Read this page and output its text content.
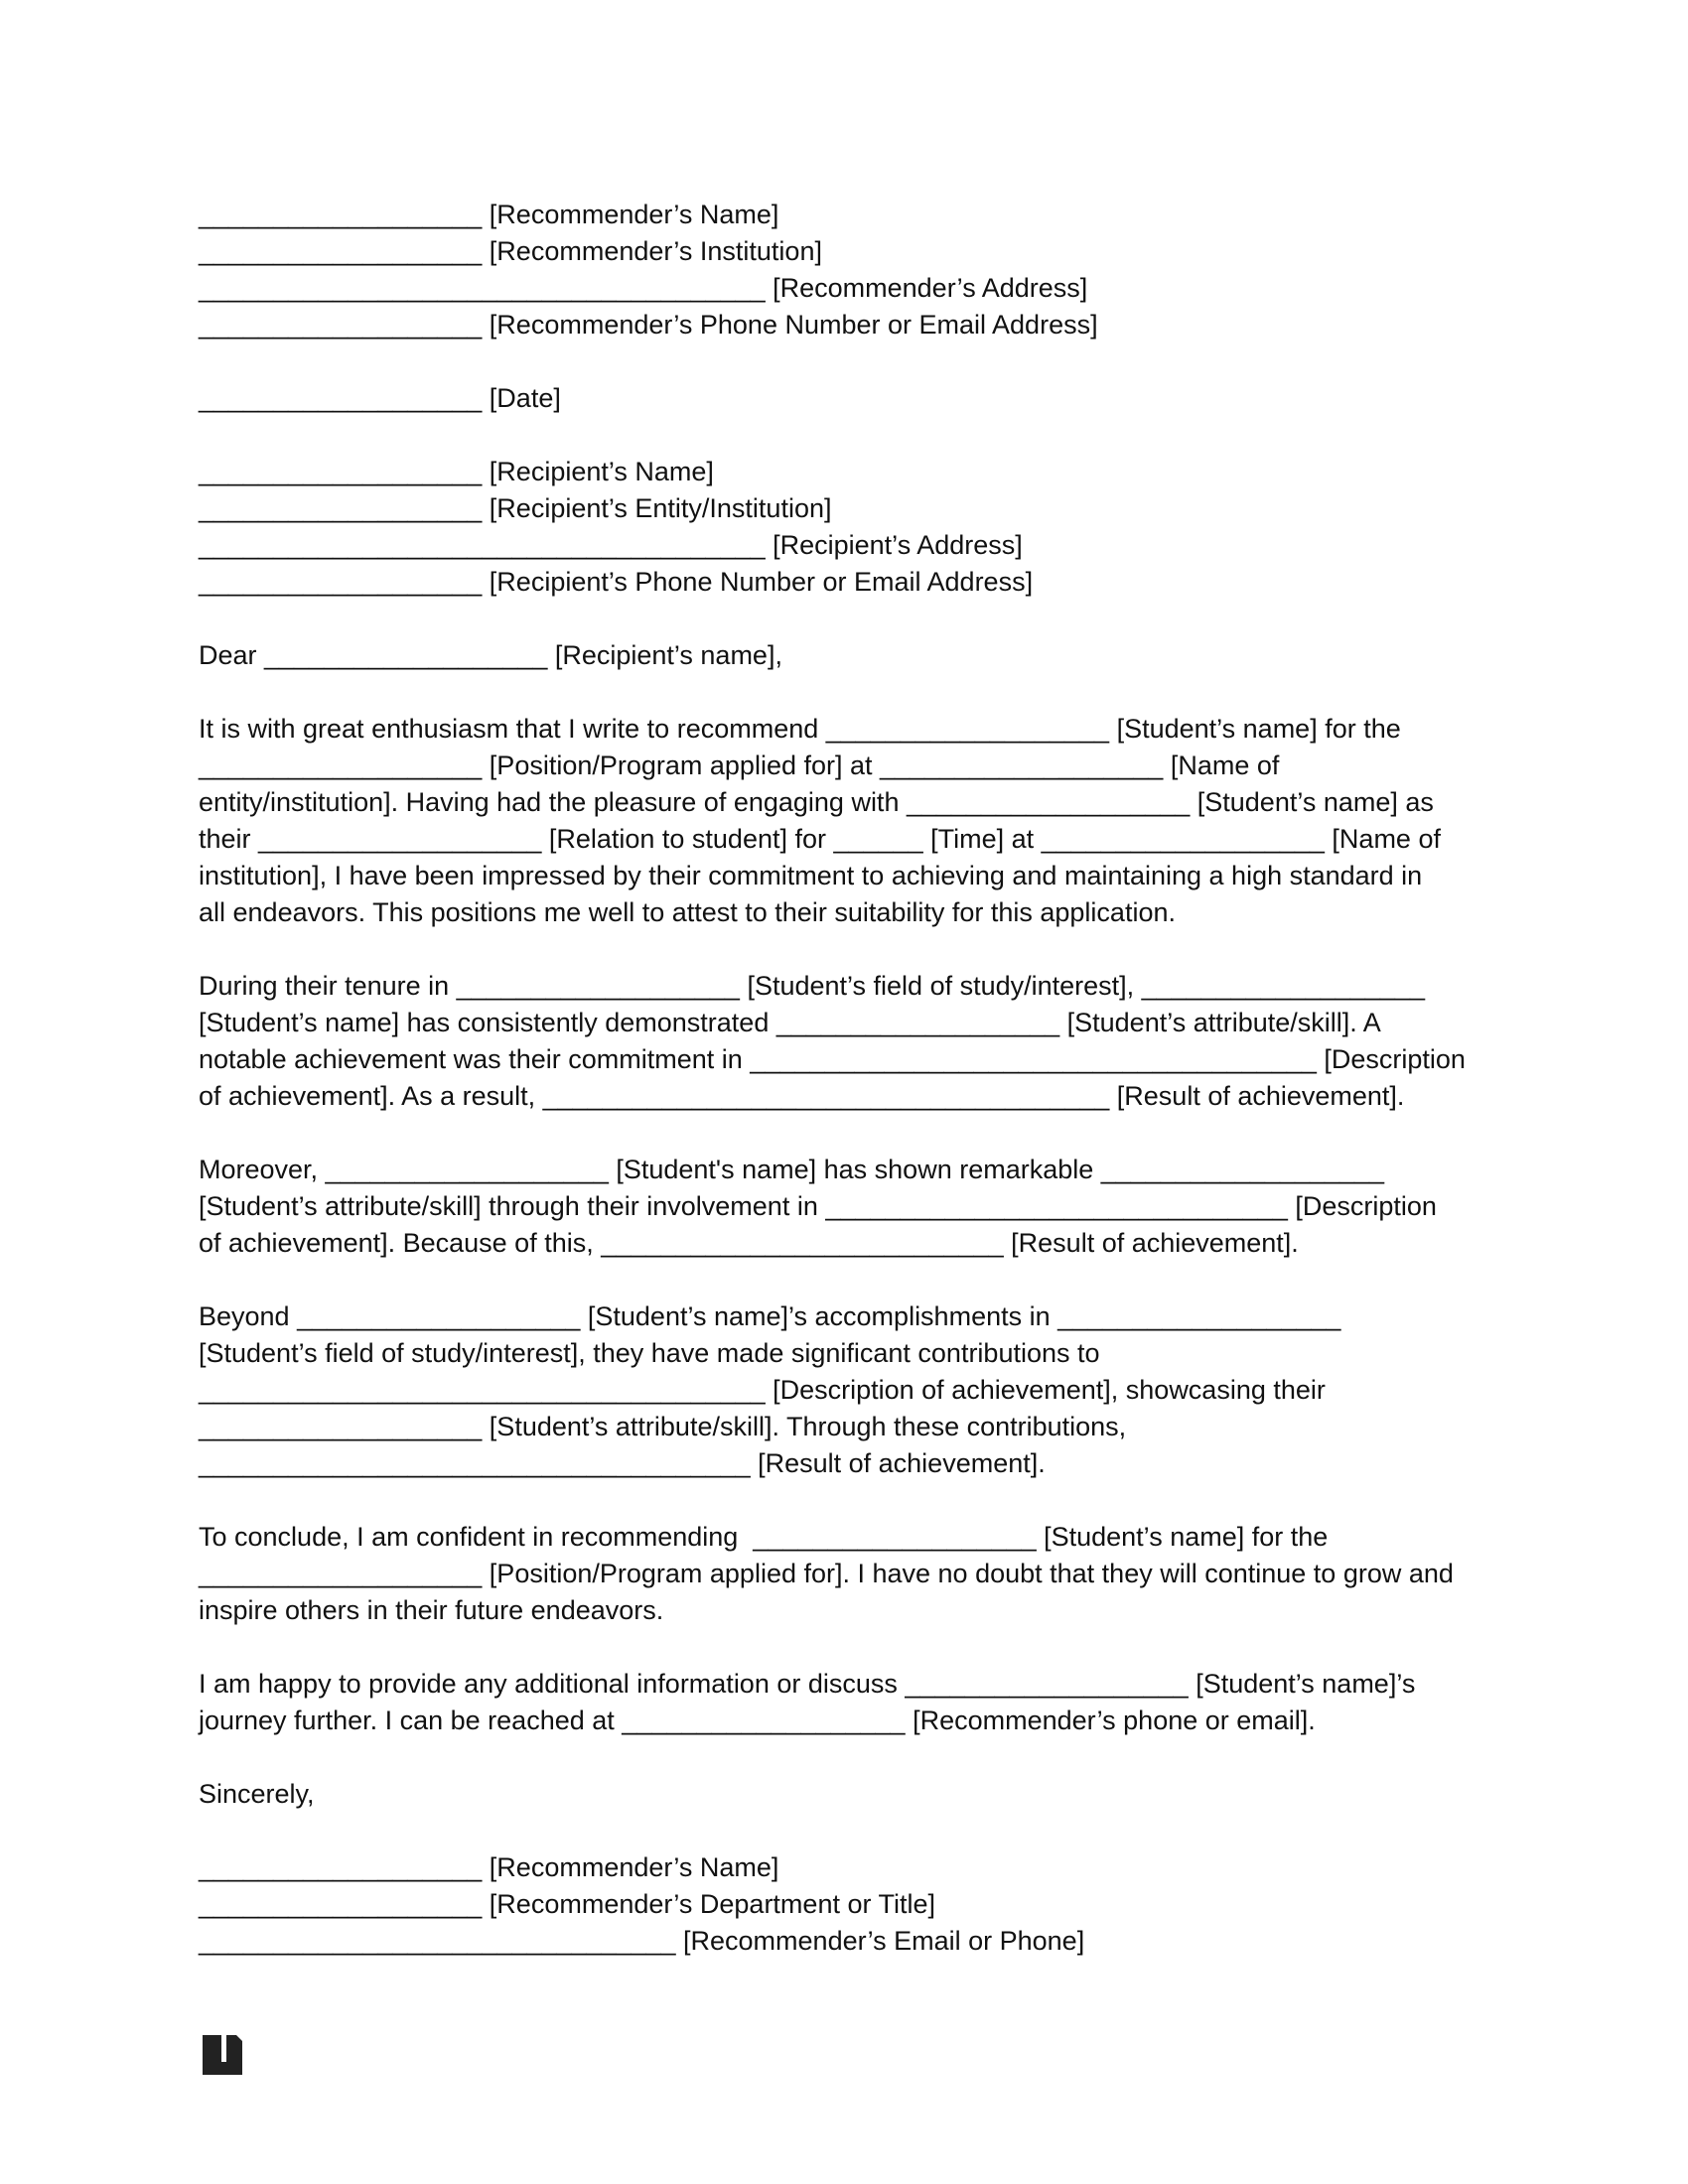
___________________ [Recommender’s Name]
___________________ [Recommender’s Institution]
______________________________________ [Recommender’s Address]
___________________ [Recommender’s Phone Number or Email Address]
___________________ [Date]
___________________ [Recipient’s Name]
___________________ [Recipient’s Entity/Institution]
______________________________________ [Recipient’s Address]
___________________ [Recipient’s Phone Number or Email Address]
Dear ___________________ [Recipient’s name],
It is with great enthusiasm that I write to recommend ___________________ [Student’s name] for the
___________________ [Position/Program applied for] at ___________________ [Name of
entity/institution]. Having had the pleasure of engaging with ___________________ [Student’s name] as
their ___________________ [Relation to student] for ______ [Time] at ___________________ [Name of
institution], I have been impressed by their commitment to achieving and maintaining a high standard in
all endeavors. This positions me well to attest to their suitability for this application.
During their tenure in ___________________ [Student’s field of study/interest], ___________________
[Student’s name] has consistently demonstrated ___________________ [Student’s attribute/skill]. A
notable achievement was their commitment in ______________________________________ [Description
of achievement]. As a result, ______________________________________ [Result of achievement].
Moreover, ___________________ [Student's name] has shown remarkable ___________________
[Student’s attribute/skill] through their involvement in _______________________________ [Description
of achievement]. Because of this, ___________________________ [Result of achievement].
Beyond ___________________ [Student’s name]’s accomplishments in ___________________
[Student’s field of study/interest], they have made significant contributions to
______________________________________ [Description of achievement], showcasing their
___________________ [Student’s attribute/skill]. Through these contributions,
_____________________________________ [Result of achievement].
To conclude, I am confident in recommending  ___________________ [Student’s name] for the
___________________ [Position/Program applied for]. I have no doubt that they will continue to grow and
inspire others in their future endeavors.
I am happy to provide any additional information or discuss ___________________ [Student’s name]’s
journey further. I can be reached at ___________________ [Recommender’s phone or email].
Sincerely,
___________________ [Recommender’s Name]
___________________ [Recommender’s Department or Title]
________________________________ [Recommender’s Email or Phone]
